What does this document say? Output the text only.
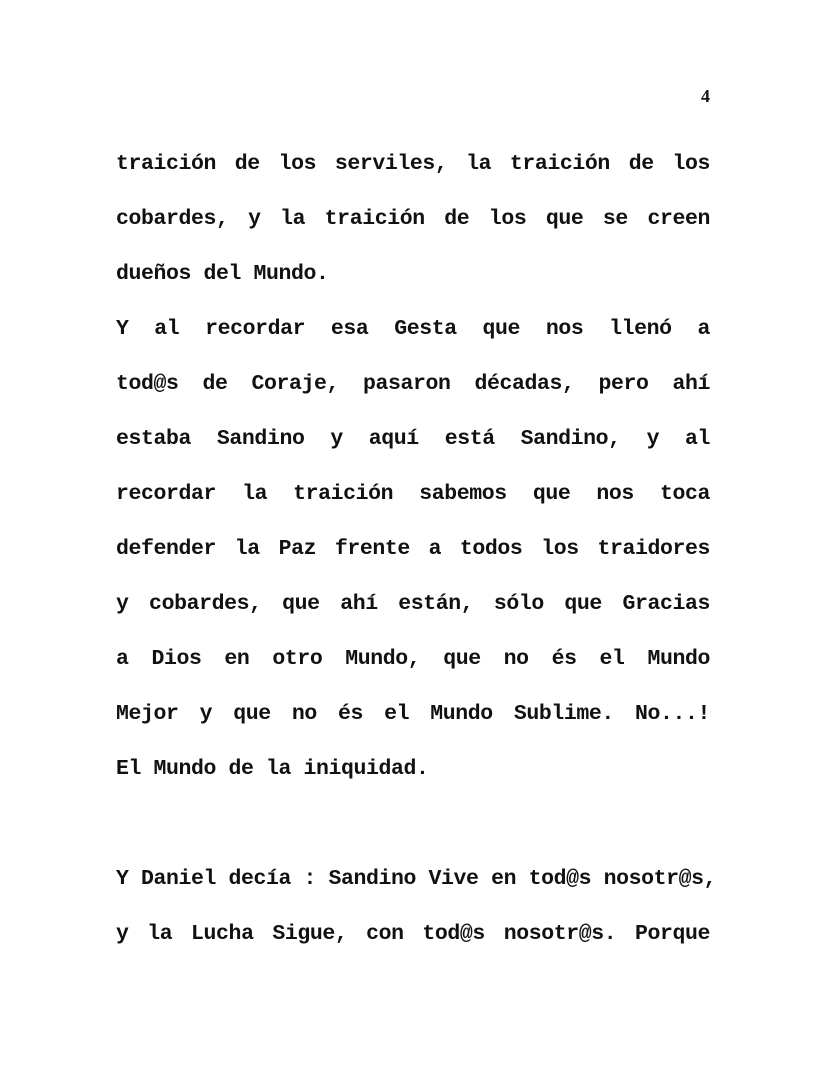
4
traición de los serviles, la traición de los
cobardes, y la traición de los que se creen
dueños del Mundo.
Y al recordar esa Gesta que nos llenó a
tod@s de Coraje, pasaron décadas, pero ahí
estaba Sandino y aquí está Sandino, y al
recordar la traición sabemos que nos toca
defender la Paz frente a todos los traidores
y cobardes, que ahí están, sólo que Gracias
a Dios en otro Mundo, que no és el Mundo
Mejor y que no és el Mundo Sublime. No...!
El Mundo de la iniquidad.
Y Daniel decía : Sandino Vive en tod@s nosotr@s,
y la Lucha Sigue, con tod@s nosotr@s. Porque
